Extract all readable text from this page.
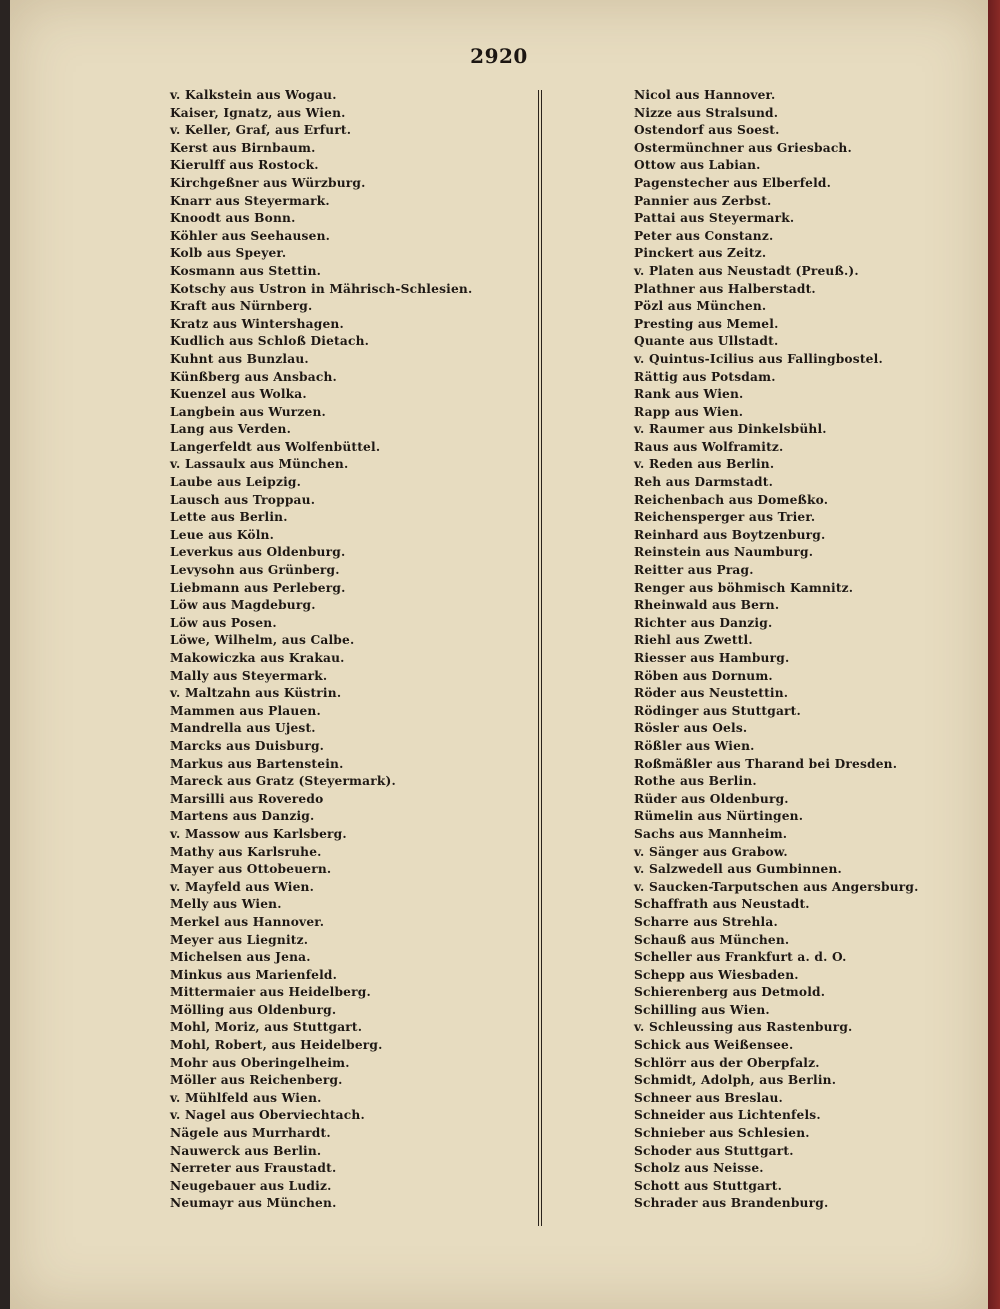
2920
v. Kalkstein aus Wogau.
Kaiser, Ignatz, aus Wien.
v. Keller, Graf, aus Erfurt.
Kerst aus Birnbaum.
Kierulff aus Rostock.
Kirchgeßner aus Würzburg.
Knarr aus Steyermark.
Knoodt aus Bonn.
Köhler aus Seehausen.
Kolb aus Speyer.
Kosmann aus Stettin.
Kotschy aus Ustron in Mährisch-Schlesien.
Kraft aus Nürnberg.
Kratz aus Wintershagen.
Kudlich aus Schloß Dietach.
Kuhnt aus Bunzlau.
Künßberg aus Ansbach.
Kuenzel aus Wolka.
Langbein aus Wurzen.
Lang aus Verden.
Langerfeldt aus Wolfenbüttel.
v. Lassaulx aus München.
Laube aus Leipzig.
Lausch aus Troppau.
Lette aus Berlin.
Leue aus Köln.
Leverkus aus Oldenburg.
Levysohn aus Grünberg.
Liebmann aus Perleberg.
Löw aus Magdeburg.
Löw aus Posen.
Löwe, Wilhelm, aus Calbe.
Makowiczka aus Krakau.
Mally aus Steyermark.
v. Maltzahn aus Küstrin.
Mammen aus Plauen.
Mandrella aus Ujest.
Marcks aus Duisburg.
Markus aus Bartenstein.
Mareck aus Gratz (Steyermark).
Marsilli aus Roveredo
Martens aus Danzig.
v. Massow aus Karlsberg.
Mathy aus Karlsruhe.
Mayer aus Ottobeuern.
v. Mayfeld aus Wien.
Melly aus Wien.
Merkel aus Hannover.
Meyer aus Liegnitz.
Michelsen aus Jena.
Minkus aus Marienfeld.
Mittermaier aus Heidelberg.
Mölling aus Oldenburg.
Mohl, Moriz, aus Stuttgart.
Mohl, Robert, aus Heidelberg.
Mohr aus Oberingelheim.
Möller aus Reichenberg.
v. Mühlfeld aus Wien.
v. Nagel aus Oberviechtach.
Nägele aus Murrhardt.
Nauwerck aus Berlin.
Nerreter aus Fraustadt.
Neugebauer aus Ludiz.
Neumayr aus München.
Nicol aus Hannover.
Nizze aus Stralsund.
Ostendorf aus Soest.
Ostermünchner aus Griesbach.
Ottow aus Labian.
Pagenstecher aus Elberfeld.
Pannier aus Zerbst.
Pattai aus Steyermark.
Peter aus Constanz.
Pinckert aus Zeitz.
v. Platen aus Neustadt (Preuß.).
Plathner aus Halberstadt.
Pözl aus München.
Presting aus Memel.
Quante aus Ullstadt.
v. Quintus-Icilius aus Fallingbostel.
Rättig aus Potsdam.
Rank aus Wien.
Rapp aus Wien.
v. Raumer aus Dinkelsbühl.
Raus aus Wolframitz.
v. Reden aus Berlin.
Reh aus Darmstadt.
Reichenbach aus Domeßko.
Reichensperger aus Trier.
Reinhard aus Boytzenburg.
Reinstein aus Naumburg.
Reitter aus Prag.
Renger aus böhmisch Kamnitz.
Rheinwald aus Bern.
Richter aus Danzig.
Riehl aus Zwettl.
Riesser aus Hamburg.
Röben aus Dornum.
Röder aus Neustettin.
Rödinger aus Stuttgart.
Rösler aus Oels.
Rößler aus Wien.
Roßmäßler aus Tharand bei Dresden.
Rothe aus Berlin.
Rüder aus Oldenburg.
Rümelin aus Nürtingen.
Sachs aus Mannheim.
v. Sänger aus Grabow.
v. Salzwedell aus Gumbinnen.
v. Saucken-Tarputschen aus Angersburg.
Schaffrath aus Neustadt.
Scharre aus Strehla.
Schauß aus München.
Scheller aus Frankfurt a. d. O.
Schepp aus Wiesbaden.
Schierenberg aus Detmold.
Schilling aus Wien.
v. Schleussing aus Rastenburg.
Schick aus Weißensee.
Schlörr aus der Oberpfalz.
Schmidt, Adolph, aus Berlin.
Schneer aus Breslau.
Schneider aus Lichtenfels.
Schnieber aus Schlesien.
Schoder aus Stuttgart.
Scholz aus Neisse.
Schott aus Stuttgart.
Schrader aus Brandenburg.
